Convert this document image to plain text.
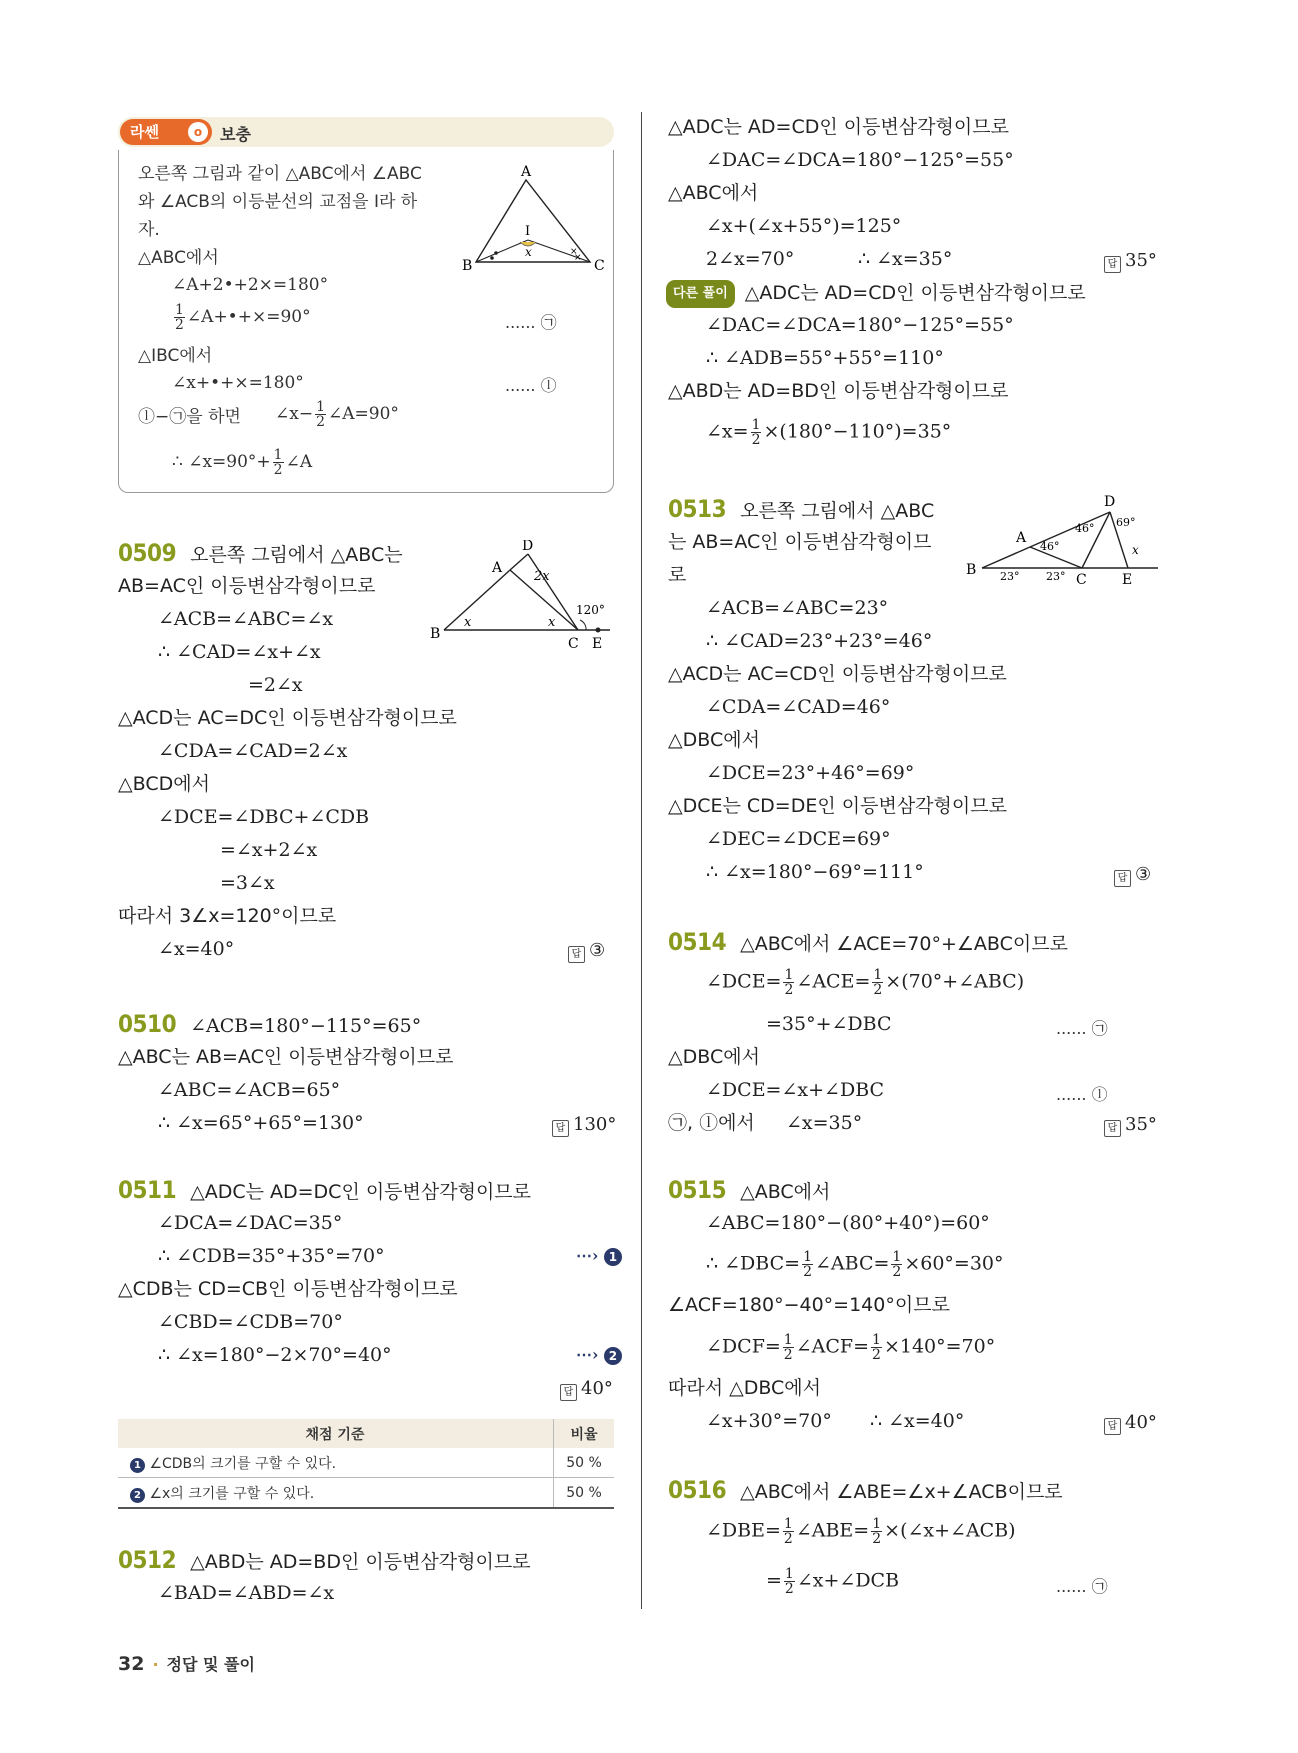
라쎈	o	보충
오른쪽 그림과 같이 △ABC에서 ∠ABC
와 ∠ACB의 이등분선의 교점을 I라 하
자.
△ABC에서
∠A+2•+2×=180°
$\frac{1}{2}$ ∠A+•+×=90°	...... ㉠
△IBC에서
∠x+•+×=180°	...... ⓛ
ⓛ−㉠을 하면 ∠x− $\frac{1}{2}$ ∠A=90°
∴ ∠x=90°+ $\frac{1}{2}$ ∠A
×
×
A
B	C
I
x
0509 오른쪽 그림에서 △ABC는
AB=AC인 이등변삼각형이므로
∠ACB=∠ABC=∠x
∴ ∠CAD=∠x+∠x
=2∠x
△ACD는 AC=DC인 이등변삼각형이므로
∠CDA=∠CAD=2∠x
△BCD에서
∠DCE=∠DBC+∠CDB
=∠x+2∠x
=3∠x
따라서 3∠x=120°이므로
∠x=40°	답 ③
B
A
D
C E
x	x
2x
120°
0510 ∠ACB=180°−115°=65°
△ABC는 AB=AC인 이등변삼각형이므로
∠ABC=∠ACB=65°
∴ ∠x=65°+65°=130°	답 130°
0511 △ADC는 AD=DC인 이등변삼각형이므로
∠DCA=∠DAC=35°
∴ ∠CDB=35°+35°=70°	⋯› 1
△CDB는 CD=CB인 이등변삼각형이므로
∠CBD=∠CDB=70°
∴ ∠x=180°−2×70°=40°	⋯› 2
답 40°
채점 기준	비율
1 ∠CDB의 크기를 구할 수 있다.	50 %
2 ∠x의 크기를 구할 수 있다.	50 %
0512 △ABD는 AD=BD인 이등변삼각형이므로
∠BAD=∠ABD=∠x
△ADC는 AD=CD인 이등변삼각형이므로
∠DAC=∠DCA=180°−125°=55°
△ABC에서
∠x+(∠x+55°)=125°
2∠x=70°	∴ ∠x=35°	답 35°
다른 풀이 △ADC는 AD=CD인 이등변삼각형이므로
∠DAC=∠DCA=180°−125°=55°
∴ ∠ADB=55°+55°=110°
△ABD는 AD=BD인 이등변삼각형이므로
∠x= $\frac{1}{2} \times(180^\circ-110^\circ)=35^\circ$
0513 오른쪽 그림에서 △ABC
는 AB=AC인 이등변삼각형이므
로
∠ACB=∠ABC=23°
∴ ∠CAD=23°+23°=46°
△ACD는 AC=CD인 이등변삼각형이므로
∠CDA=∠CAD=46°
△DBC에서
∠DCE=23°+46°=69°
△DCE는 CD=DE인 이등변삼각형이므로
∠DEC=∠DCE=69°
∴ ∠x=180°−69°=111°	답 ③
D
A
B
C	E
23° 23°
46°
46° 69°
x
0514 △ABC에서 ∠ACE=70°+∠ABC이므로
∠DCE= $\frac{1}{2}$ ∠ACE= $\frac{1}{2}$ ×(70°+∠ABC)
=35°+∠DBC	...... ㉠
△DBC에서
∠DCE=∠x+∠DBC	...... ⓛ
㉠, ⓛ에서 ∠x=35°	답 35°
0515 △ABC에서
∠ABC=180°−(80°+40°)=60°
∴ ∠DBC= $\frac{1}{2}$ ∠ABC= $\frac{1}{2} \times 60^\circ=30^\circ$
∠ACF=180°−40°=140°이므로
∠DCF= $\frac{1}{2}$ ∠ACF= $\frac{1}{2} \times 140^\circ=70^\circ$
따라서 △DBC에서
∠x+30°=70° ∴ ∠x=40°	답 40°
0516 △ABC에서 ∠ABE=∠x+∠ACB이므로
∠DBE= $\frac{1}{2}$ ∠ABE= $\frac{1}{2}$ ×(∠x+∠ACB)
= $\frac{1}{2}$ ∠x+∠DCB	...... ㉠
32 · 정답 및 풀이
